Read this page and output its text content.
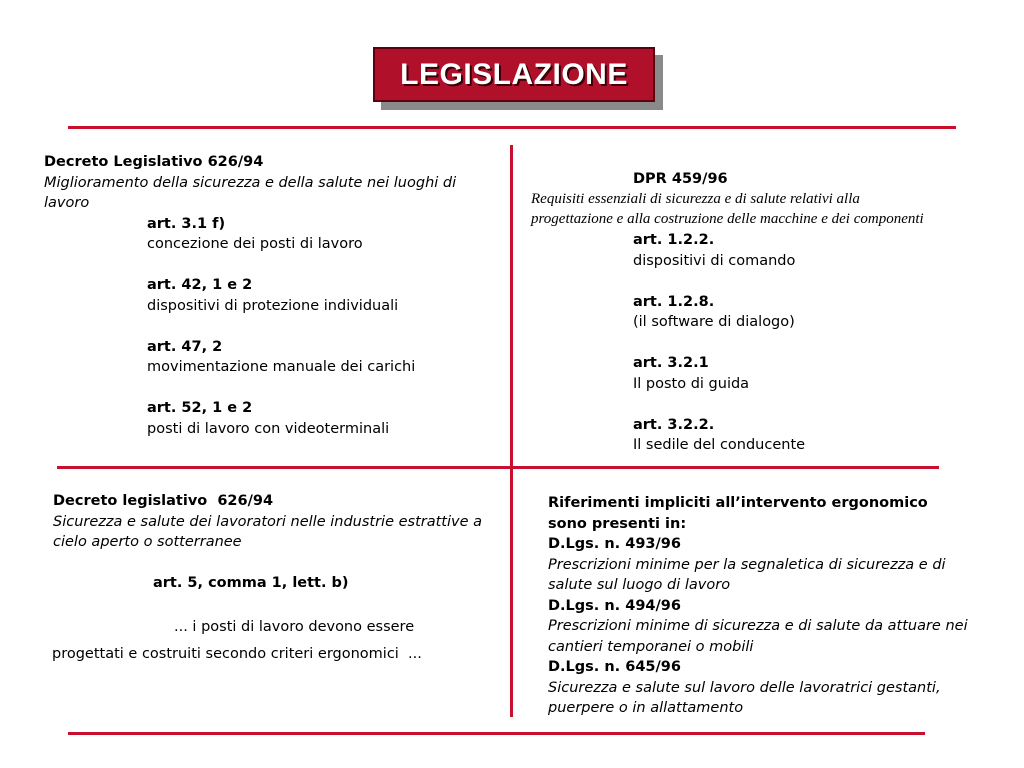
LEGISLAZIONE
Decreto Legislativo 626/94
Miglioramento della sicurezza e della salute nei luoghi di lavoro
art. 3.1 f)
concezione dei posti di lavoro
art. 42, 1 e 2
dispositivi di protezione individuali
art. 47, 2
movimentazione manuale dei carichi
art. 52, 1 e 2
posti di lavoro con videoterminali
DPR 459/96
Requisiti essenziali di sicurezza e di salute relativi alla
progettazione e alla costruzione delle macchine e dei componenti
art. 1.2.2.
dispositivi di comando
art. 1.2.8.
(il software di dialogo)
art. 3.2.1
Il posto di guida
art. 3.2.2.
Il sedile del conducente
Decreto legislativo  626/94
Sicurezza e salute dei lavoratori nelle industrie estrattive a cielo aperto o sotterranee
art. 5, comma 1, lett. b)
... i posti di lavoro devono essere
progettati e costruiti secondo criteri ergonomici  ...
Riferimenti impliciti all’intervento ergonomico sono presenti in:
D.Lgs. n. 493/96
Prescrizioni minime per la segnaletica di sicurezza e di salute sul luogo di lavoro
D.Lgs. n. 494/96
Prescrizioni minime di sicurezza e di salute da attuare nei cantieri temporanei o mobili
D.Lgs. n. 645/96
Sicurezza e salute sul lavoro delle lavoratrici gestanti, puerpere o in allattamento
